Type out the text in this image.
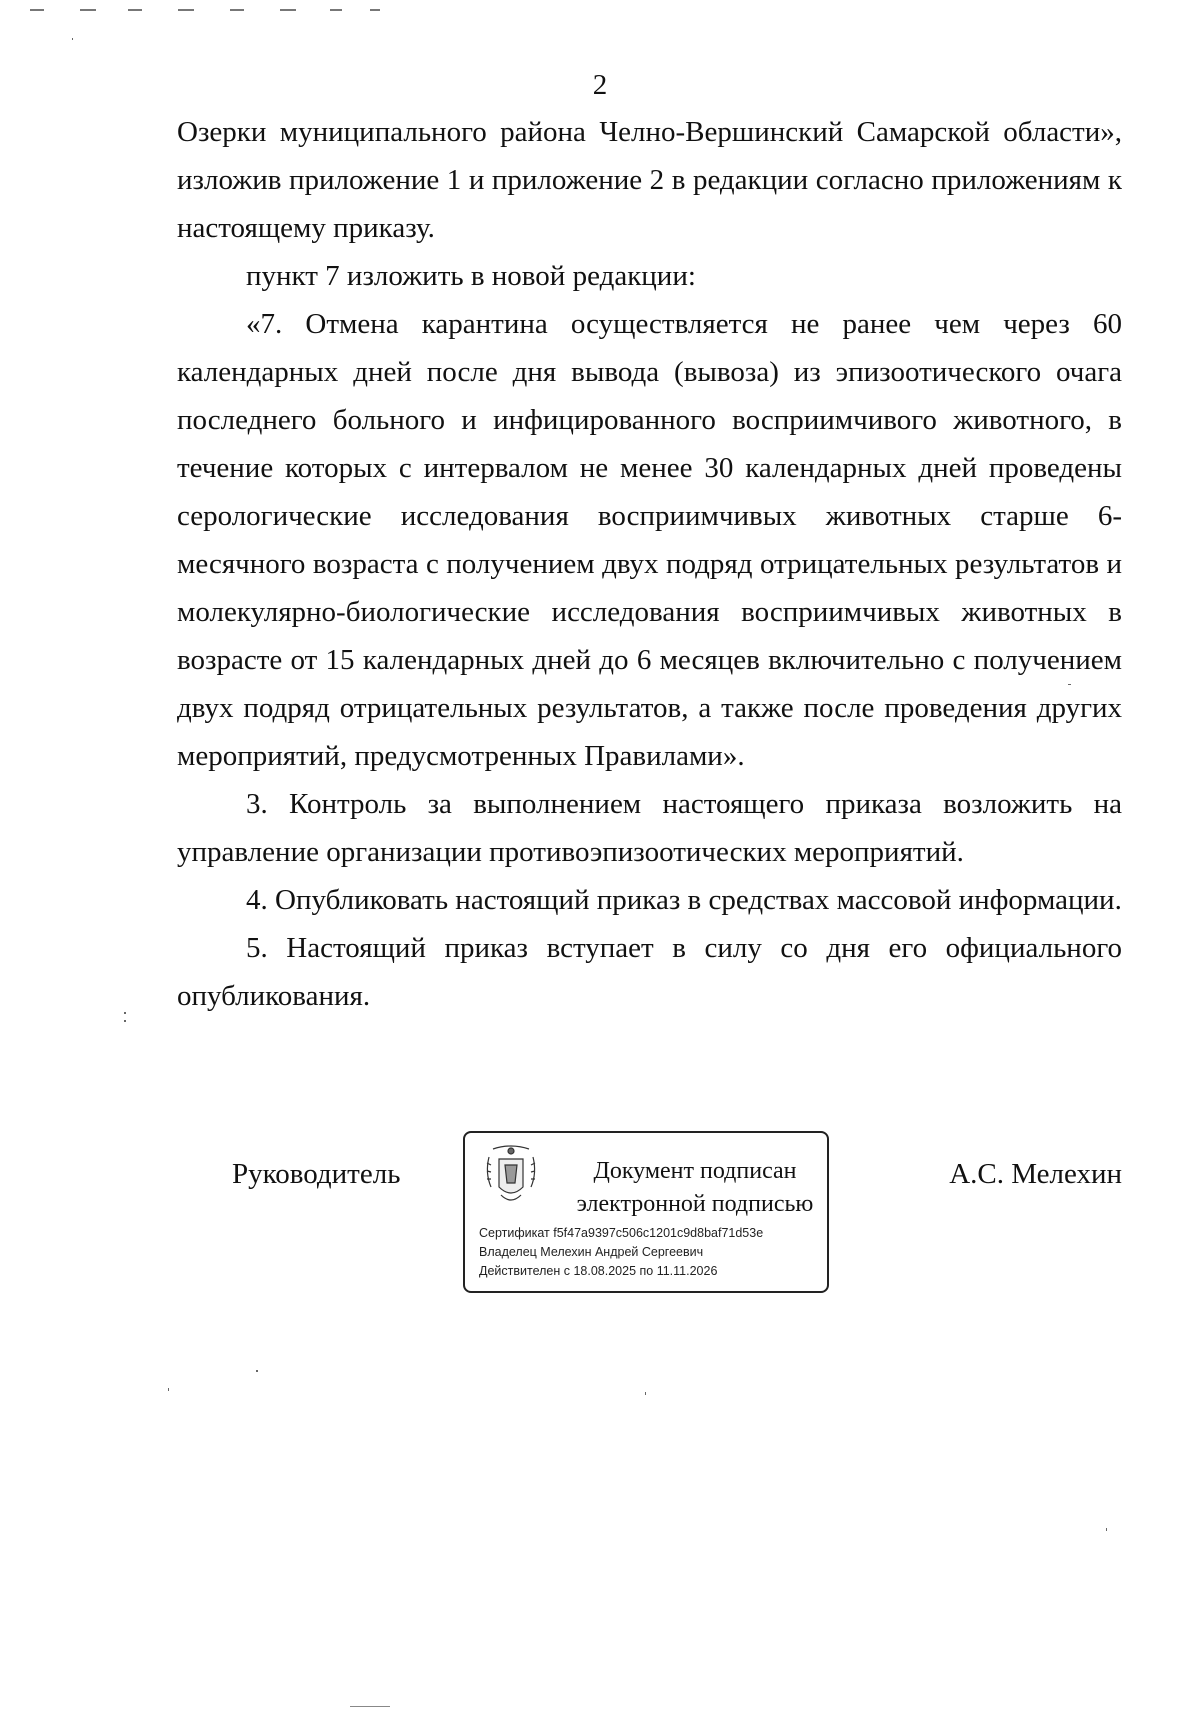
2

Озерки муниципального района Челно-Вершинский Самарской области»,

изложив приложение 1 и приложение 2 в редакции согласно приложениям к

настоящему приказу.

пункт 7 изложить в новой редакции:

«7. Отмена карантина осуществляется не ранее чем через 60 календарных дней после дня вывода (вывоза) из эпизоотического очага последнего больного и инфицированного восприимчивого животного, в течение которых с интервалом не менее 30 календарных дней проведены серологические исследования восприимчивых животных старше 6-месячного возраста с получением двух подряд отрицательных результатов и молекулярно-биологические исследования восприимчивых животных в возрасте от 15 календарных дней до 6 месяцев включительно с получением двух подряд отрицательных результатов, а также после проведения других мероприятий, предусмотренных Правилами».

3. Контроль за выполнением настоящего приказа возложить на управление организации противоэпизоотических мероприятий.

4. Опубликовать настоящий приказ в средствах массовой информации.

5. Настоящий приказ вступает в силу со дня его официального опубликования.

Руководитель	Документ подписан
электронной подписью
Сертификат f5f47a9397c506c1201c9d8baf71d53e
Владелец Мелехин Андрей Сергеевич
Действителен с 18.08.2025 по 11.11.2026
А.С. Мелехин
